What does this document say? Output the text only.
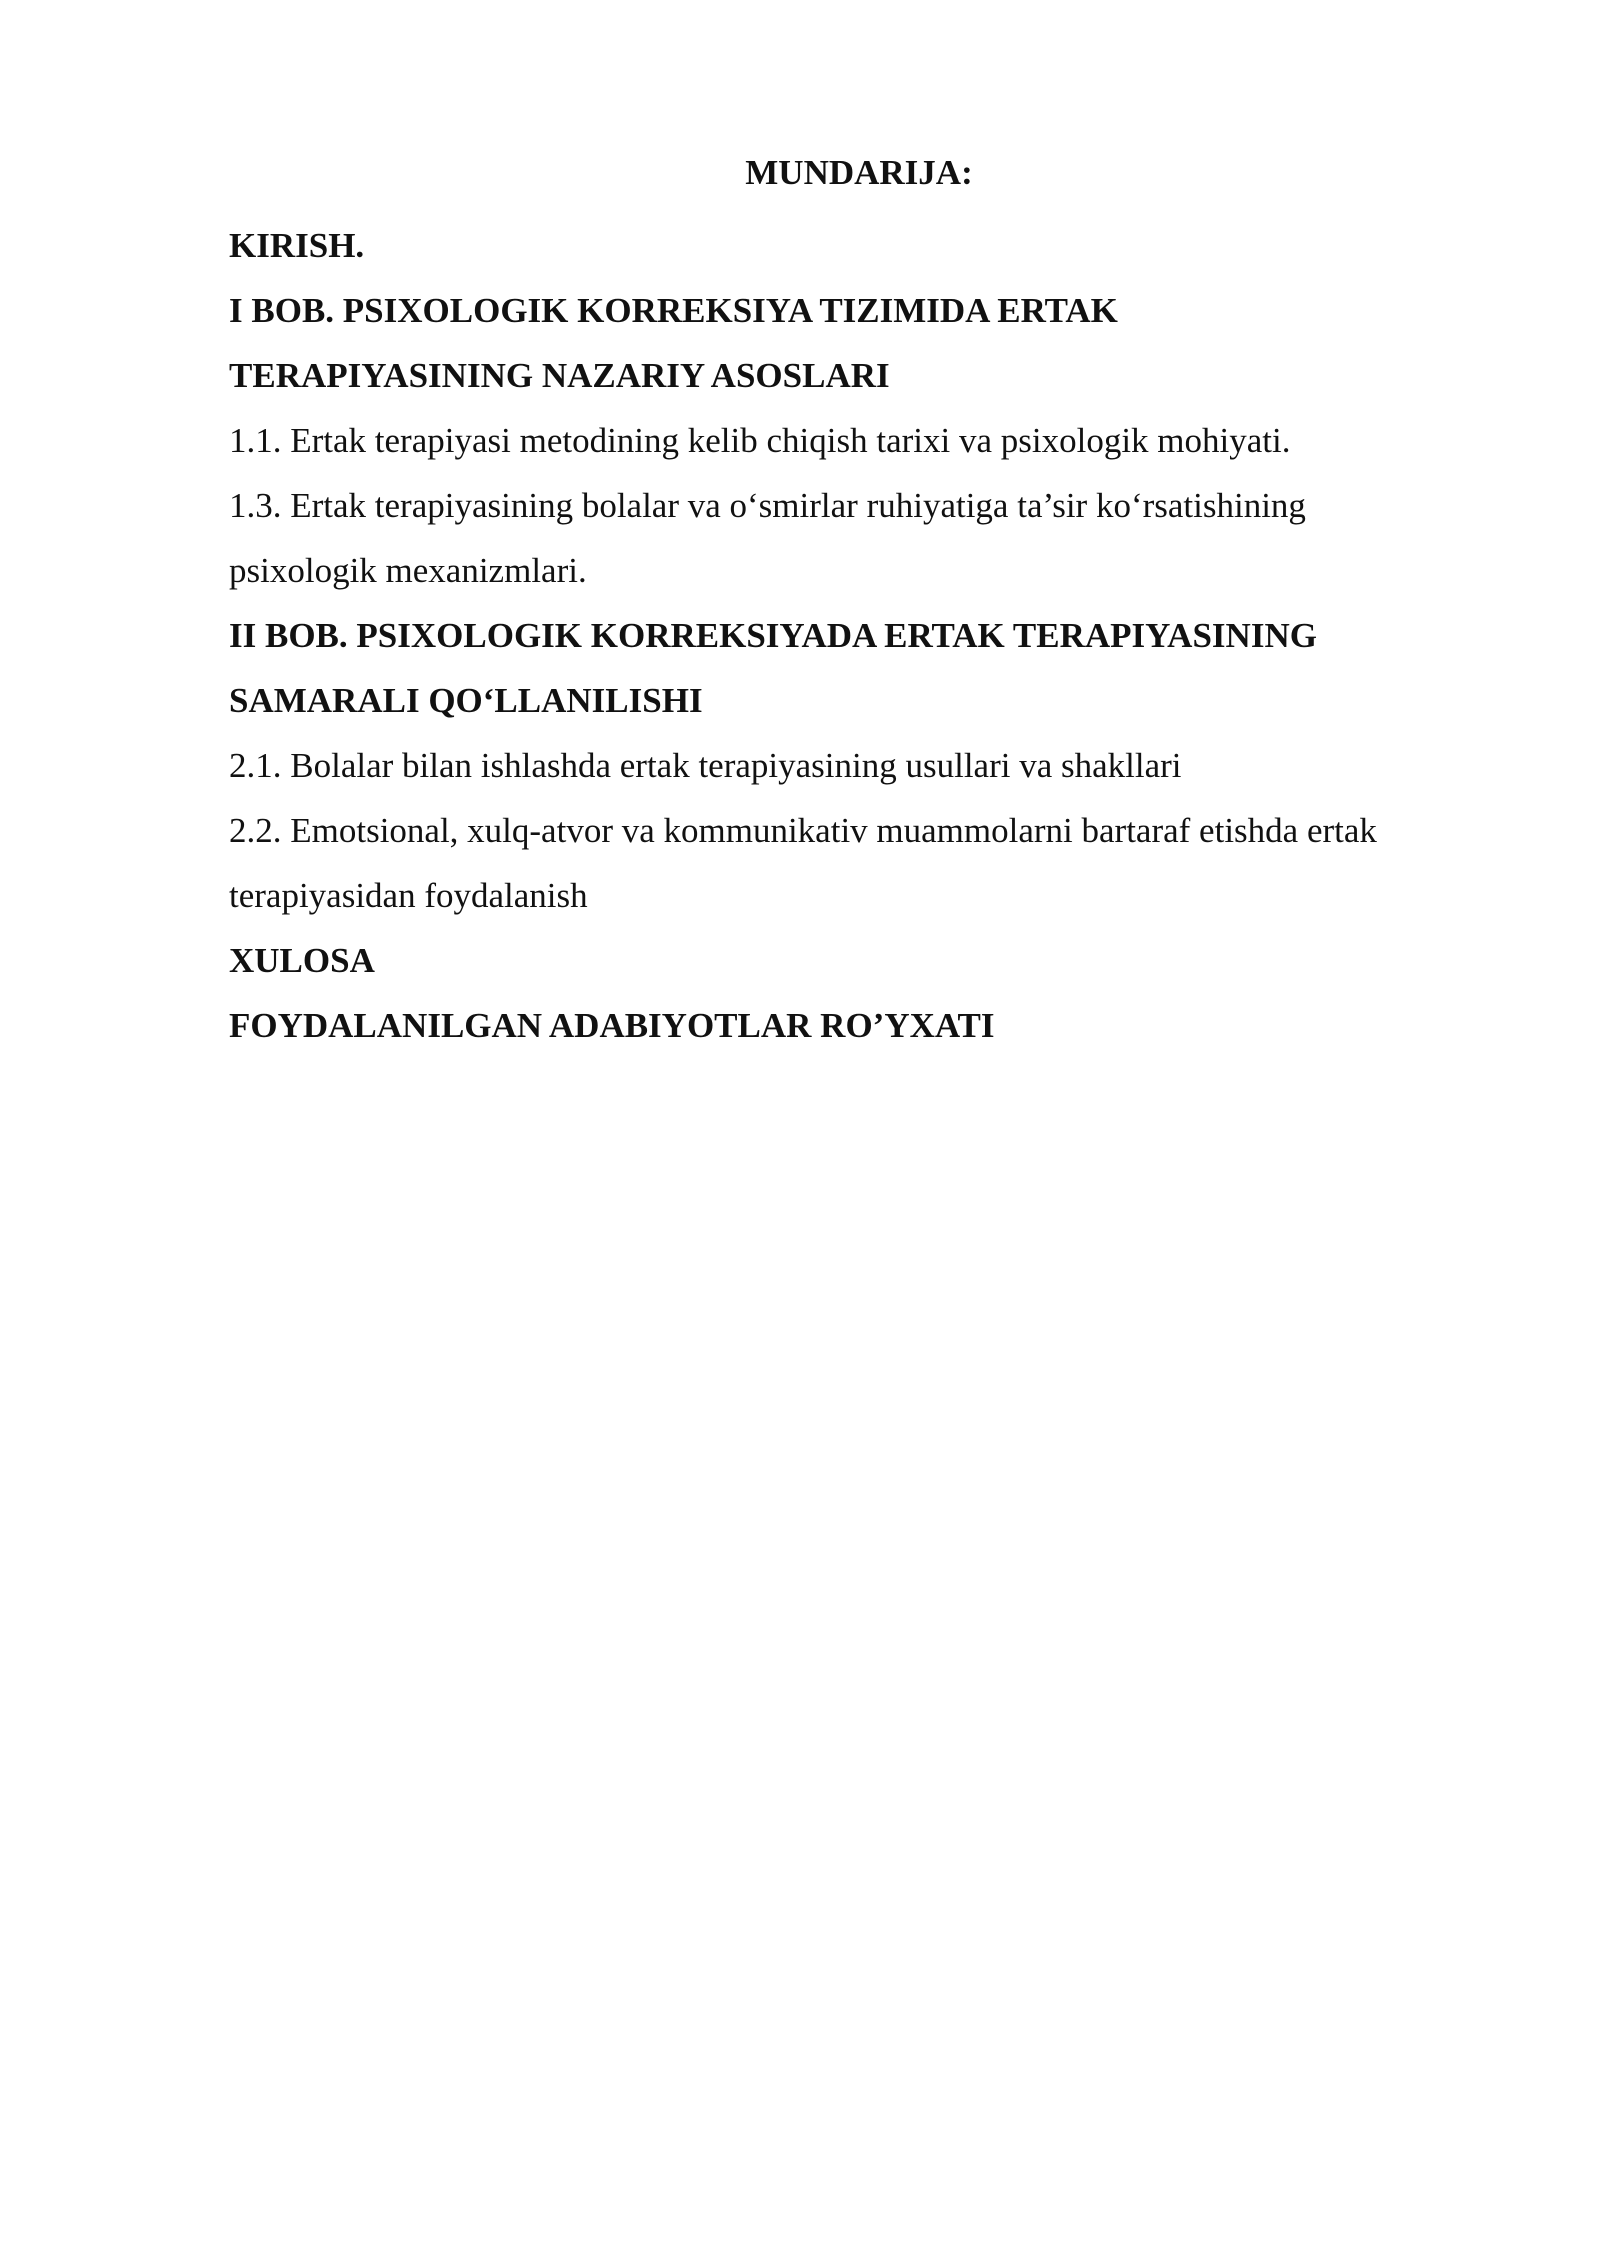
MUNDARIJA:
KIRISH.
I BOB. PSIXOLOGIK KORREKSIYA TIZIMIDA ERTAK
TERAPIYASINING NAZARIY ASOSLARI
1.1. Ertak terapiyasi metodining kelib chiqish tarixi va psixologik mohiyati.
1.3. Ertak terapiyasining bolalar va o‘smirlar ruhiyatiga ta’sir ko‘rsatishining
psixologik mexanizmlari.
II BOB. PSIXOLOGIK KORREKSIYADA ERTAK TERAPIYASINING
SAMARALI QO‘LLANILISHI
2.1. Bolalar bilan ishlashda ertak terapiyasining usullari va shakllari
2.2. Emotsional, xulq-atvor va kommunikativ muammolarni bartaraf etishda ertak
terapiyasidan foydalanish
XULOSA
FOYDALANILGAN ADABIYOTLAR RO’YXATI
